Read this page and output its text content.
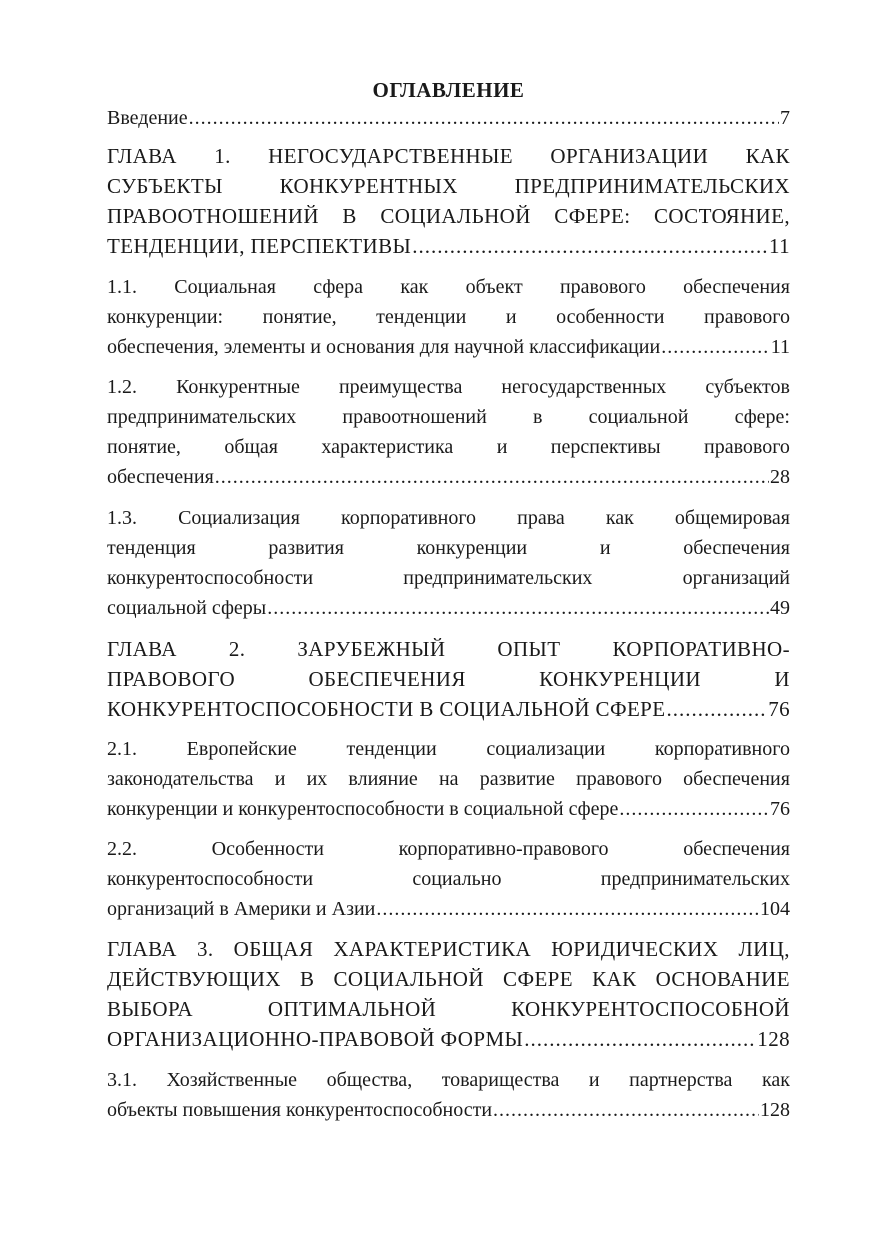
ОГЛАВЛЕНИЕ
Введение .....	7
ГЛАВА 1. НЕГОСУДАРСТВЕННЫЕ ОРГАНИЗАЦИИ КАК
СУБЪЕКТЫ	КОНКУРЕНТНЫХ	ПРЕДПРИНИМАТЕЛЬСКИХ
ПРАВООТНОШЕНИЙ В СОЦИАЛЬНОЙ СФЕРЕ: СОСТОЯНИЕ,
ТЕНДЕНЦИИ, ПЕРСПЕКТИВЫ .....	11
1.1. Социальная сфера как объект правового обеспечения
конкуренции: понятие, тенденции и особенности правового
обеспечения, элементы и основания для научной классификации .....	11
1.2. Конкурентные преимущества негосударственных субъектов
предпринимательских правоотношений в социальной сфере:
понятие, общая характеристика и перспективы правового
обеспечения .....	28
1.3. Социализация корпоративного права как общемировая
тенденция	развития	конкуренции	и	обеспечения
конкурентоспособности	предпринимательских	организаций
социальной сферы .....	49
ГЛАВА 2. ЗАРУБЕЖНЫЙ ОПЫТ КОРПОРАТИВНО-
ПРАВОВОГО	ОБЕСПЕЧЕНИЯ	КОНКУРЕНЦИИ	И
КОНКУРЕНТОСПОСОБНОСТИ В СОЦИАЛЬНОЙ СФЕРЕ .....	76
2.1. Европейские тенденции социализации корпоративного
законодательства и их влияние на развитие правового обеспечения
конкуренции и конкурентоспособности в социальной сфере .....	76
2.2.	Особенности	корпоративно-правового	обеспечения
конкурентоспособности	социально	предпринимательских
организаций в Америки и Азии .....	104
ГЛАВА 3. ОБЩАЯ ХАРАКТЕРИСТИКА ЮРИДИЧЕСКИХ ЛИЦ,
ДЕЙСТВУЮЩИХ В СОЦИАЛЬНОЙ СФЕРЕ КАК ОСНОВАНИЕ
ВЫБОРА	ОПТИМАЛЬНОЙ	КОНКУРЕНТОСПОСОБНОЙ
ОРГАНИЗАЦИОННО-ПРАВОВОЙ ФОРМЫ .....	128
3.1. Хозяйственные общества, товарищества и партнерства как
объекты повышения конкурентоспособности .....	128
